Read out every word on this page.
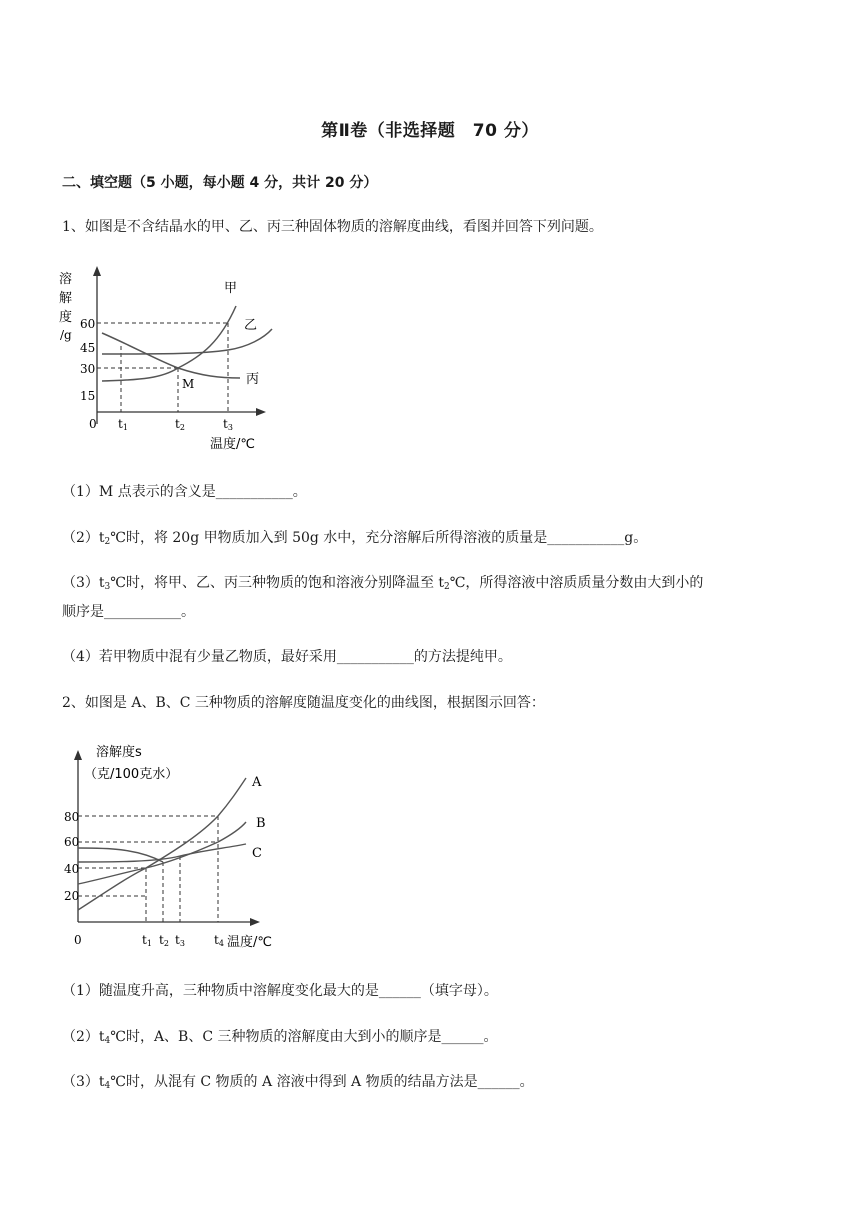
第Ⅱ卷（非选择题　70 分）
二、填空题（5 小题，每小题 4 分，共计 20 分）
1、如图是不含结晶水的甲、乙、丙三种固体物质的溶解度曲线，看图并回答下列问题。
溶
解
度
/g
60
45
30
15
0 t1	t2	t3
温度/℃
甲
乙
丙
M
（1）M 点表示的含义是___________。
$(2)t_2℃$时，将 20g 甲物质加入到 50g 水中，充分溶解后所得溶液的质量是___________g。
$(3)t_3℃$时，将甲、乙、丙三种物质的饱和溶液分别降温至 $t_2℃$，所得溶液中溶质质量分数由大到小的
顺序是___________。
（4）若甲物质中混有少量乙物质，最好采用___________的方法提纯甲。
2、如图是 A、B、C 三种物质的溶解度随温度变化的曲线图，根据图示回答：
溶解度s
（克/100克水）
80
60
40
20
0	t1 t2 t3 t4 温度/℃
A
B
C
（1）随温度升高，三种物质中溶解度变化最大的是______（填字母）。
$(2)t_4℃$时，A、B、C 三种物质的溶解度由大到小的顺序是______。
$(3)t_4℃$时，从混有 C 物质的 A 溶液中得到 A 物质的结晶方法是______。
